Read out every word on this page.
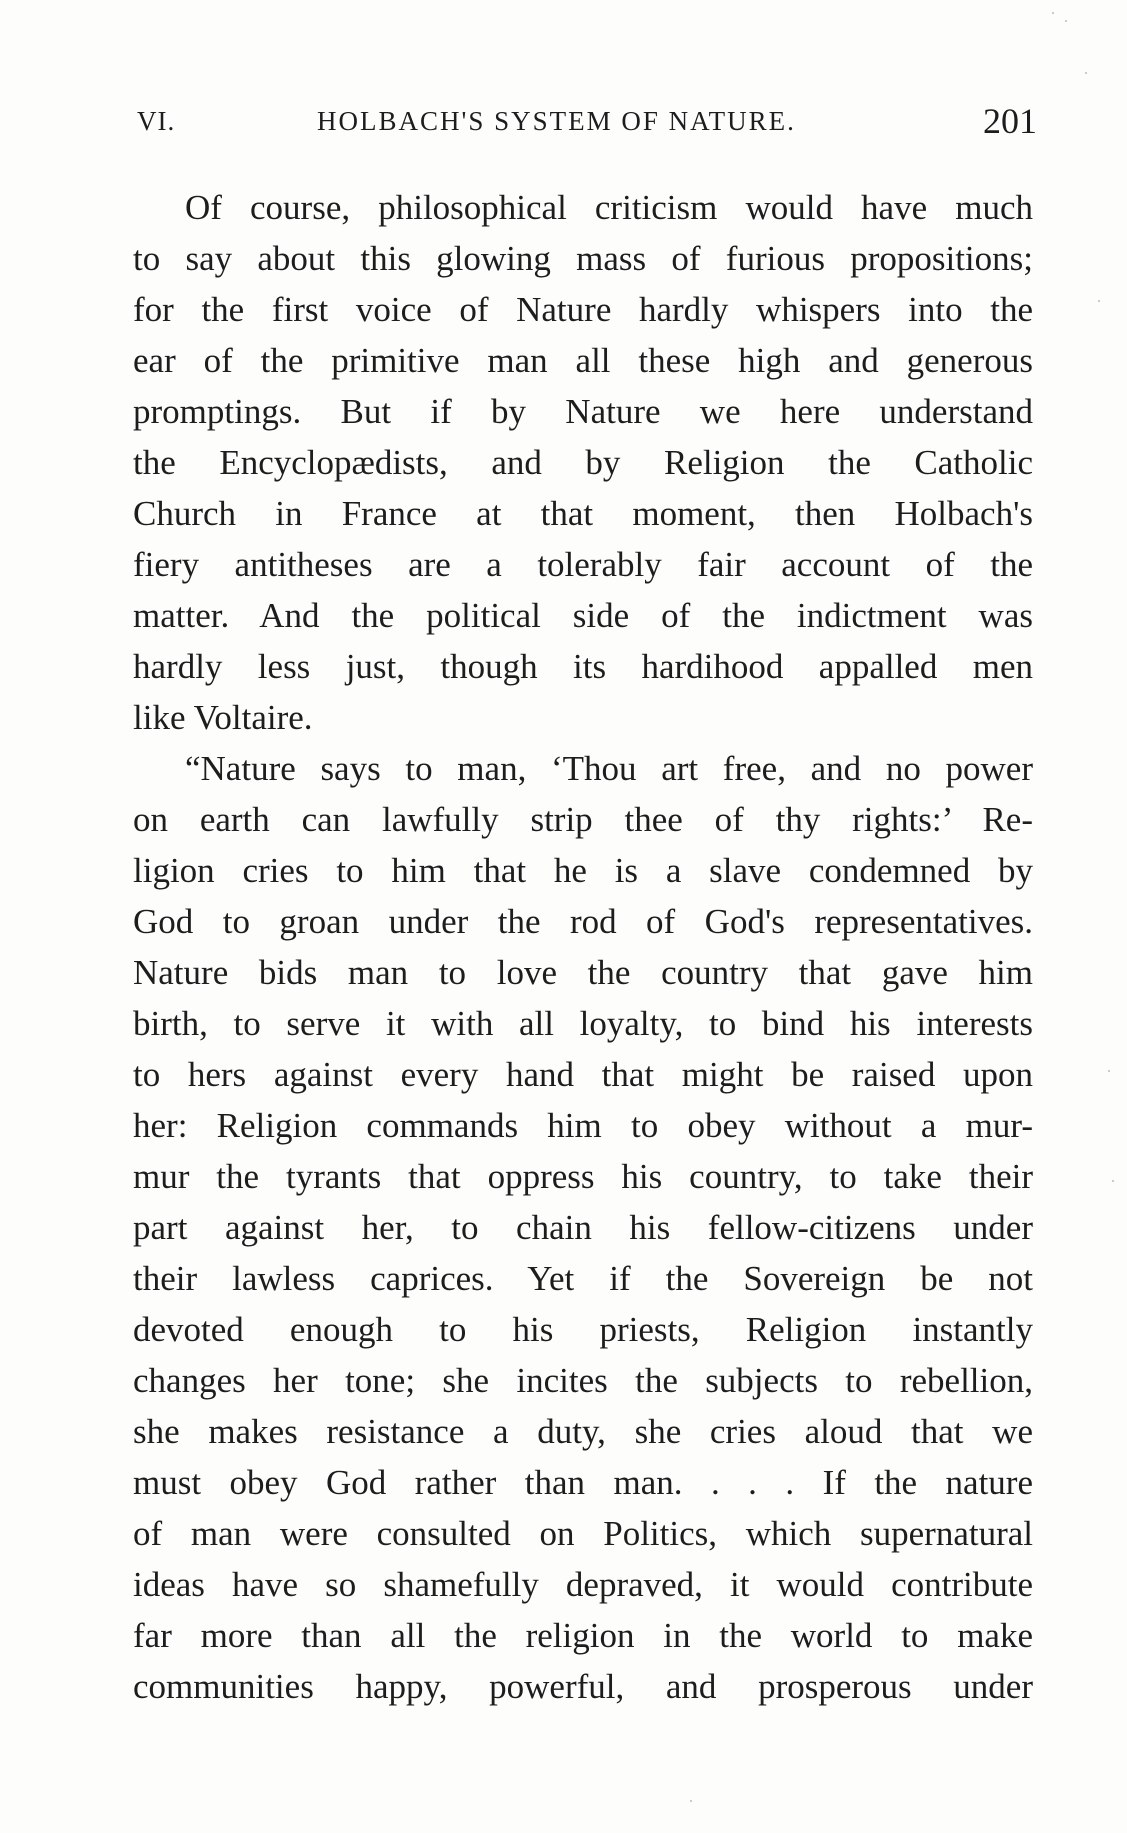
VI.	HOLBACH'S SYSTEM OF NATURE.	201
Of course, philosophical criticism would have much
to say about this glowing mass of furious propositions;
for the first voice of Nature hardly whispers into the
ear of the primitive man all these high and generous
promptings. But if by Nature we here understand
the Encyclopædists, and by Religion the Catholic
Church in France at that moment, then Holbach's
fiery antitheses are a tolerably fair account of the
matter. And the political side of the indictment was
hardly less just, though its hardihood appalled men
like Voltaire.
“Nature says to man, ‘Thou art free, and no power
on earth can lawfully strip thee of thy rights:’ Re-
ligion cries to him that he is a slave condemned by
God to groan under the rod of God's representatives.
Nature bids man to love the country that gave him
birth, to serve it with all loyalty, to bind his interests
to hers against every hand that might be raised upon
her: Religion commands him to obey without a mur-
mur the tyrants that oppress his country, to take their
part against her, to chain his fellow-citizens under
their lawless caprices. Yet if the Sovereign be not
devoted enough to his priests, Religion instantly
changes her tone; she incites the subjects to rebellion,
she makes resistance a duty, she cries aloud that we
must obey God rather than man. . . . If the nature
of man were consulted on Politics, which supernatural
ideas have so shamefully depraved, it would contribute
far more than all the religion in the world to make
communities happy, powerful, and prosperous under
